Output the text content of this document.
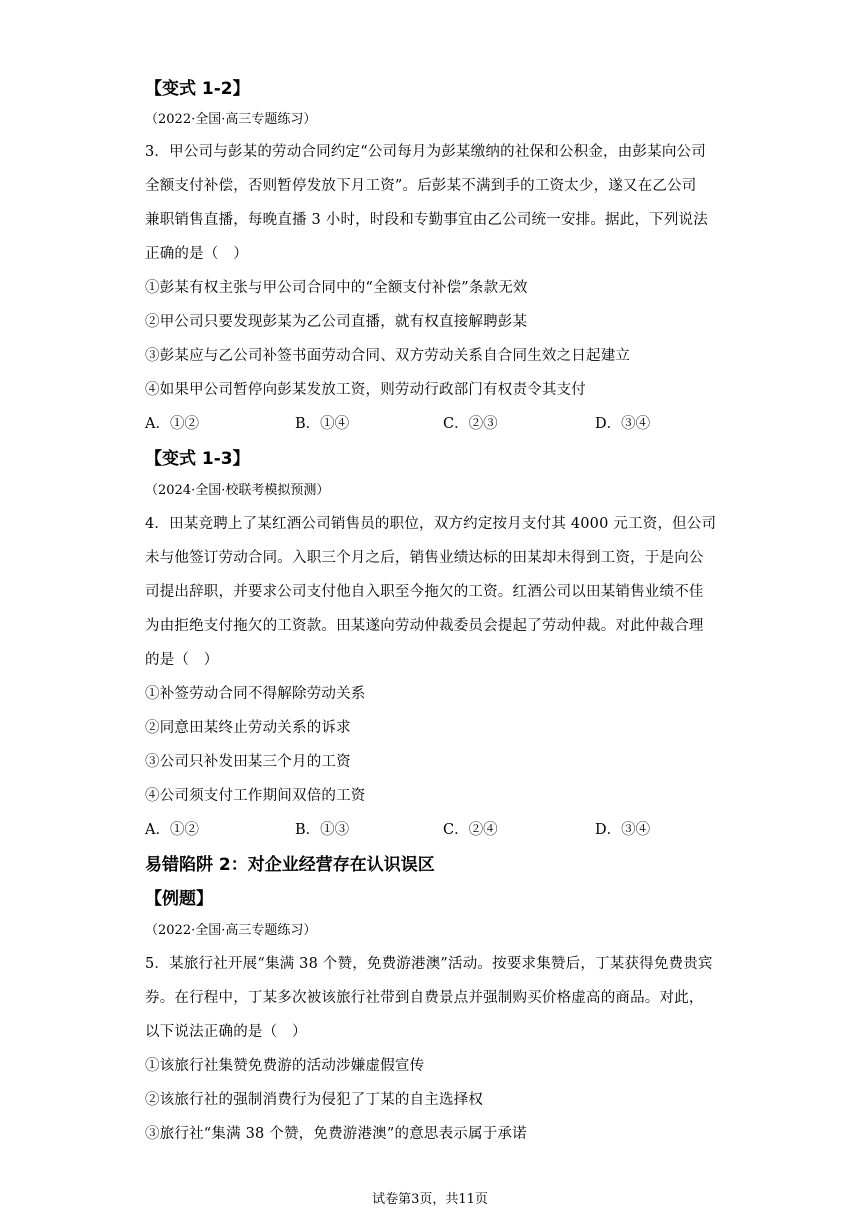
【变式 1-2】
（2022·全国·高三专题练习）
3．甲公司与彭某的劳动合同约定“公司每月为彭某缴纳的社保和公积金，由彭某向公司
全额支付补偿，否则暂停发放下月工资”。后彭某不满到手的工资太少，遂又在乙公司
兼职销售直播，每晚直播 3 小时，时段和专勤事宜由乙公司统一安排。据此，下列说法
正确的是（　）
①彭某有权主张与甲公司合同中的“全额支付补偿”条款无效
②甲公司只要发现彭某为乙公司直播，就有权直接解聘彭某
③彭某应与乙公司补签书面劳动合同、双方劳动关系自合同生效之日起建立
④如果甲公司暂停向彭某发放工资，则劳动行政部门有权责令其支付
A．①②	B．①④	C．②③	D．③④
【变式 1-3】
（2024·全国·校联考模拟预测）
4．田某竞聘上了某红酒公司销售员的职位，双方约定按月支付其 4000 元工资，但公司
未与他签订劳动合同。入职三个月之后，销售业绩达标的田某却未得到工资，于是向公
司提出辞职，并要求公司支付他自入职至今拖欠的工资。红酒公司以田某销售业绩不佳
为由拒绝支付拖欠的工资款。田某遂向劳动仲裁委员会提起了劳动仲裁。对此仲裁合理
的是（　）
①补签劳动合同不得解除劳动关系
②同意田某终止劳动关系的诉求
③公司只补发田某三个月的工资
④公司须支付工作期间双倍的工资
A．①②	B．①③	C．②④	D．③④
易错陷阱 2：对企业经营存在认识误区
【例题】
（2022·全国·高三专题练习）
5．某旅行社开展“集满 38 个赞，免费游港澳”活动。按要求集赞后，丁某获得免费贵宾
券。在行程中，丁某多次被该旅行社带到自费景点并强制购买价格虚高的商品。对此，
以下说法正确的是（　）
①该旅行社集赞免费游的活动涉嫌虚假宣传
②该旅行社的强制消费行为侵犯了丁某的自主选择权
③旅行社“集满 38 个赞，免费游港澳”的意思表示属于承诺
试卷第3页，共11页
